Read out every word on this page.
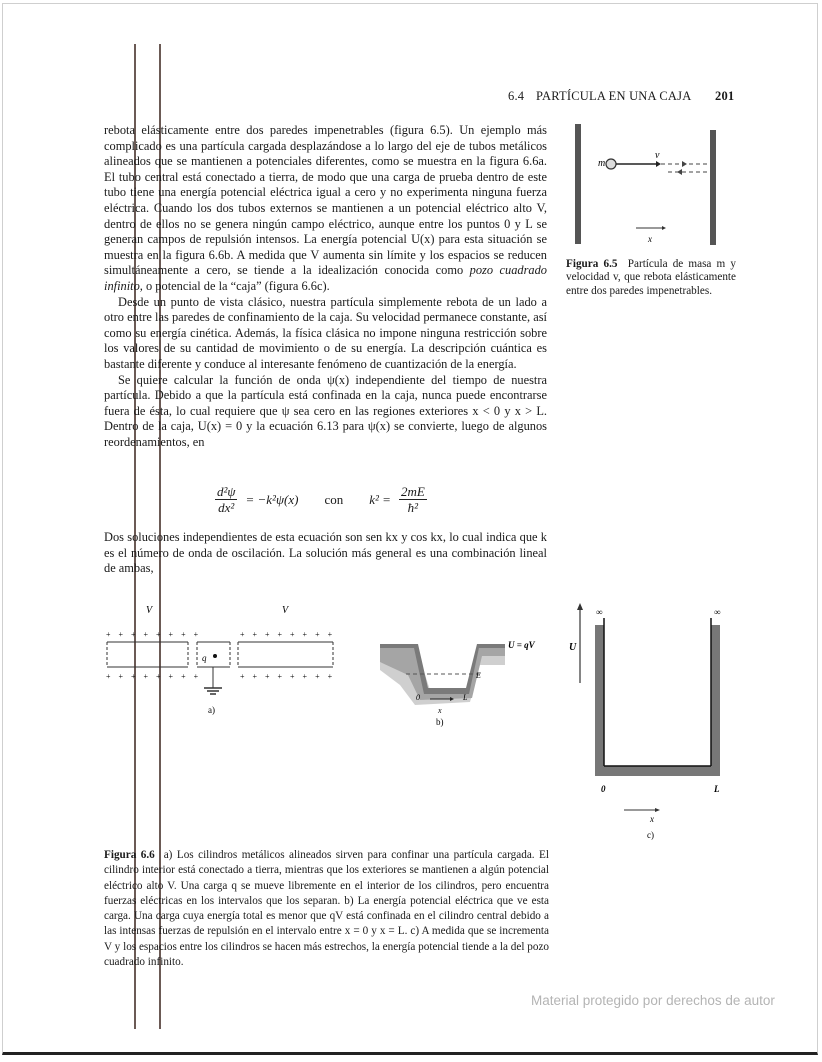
6.4 PARTÍCULA EN UNA CAJA 201

rebota elásticamente entre dos paredes impenetrables (figura 6.5). Un ejemplo más complicado es una partícula cargada desplazándose a lo largo del eje de tubos metálicos alineados que se mantienen a potenciales diferentes, como se muestra en la figura 6.6a. El tubo central está conectado a tierra, de modo que una carga de prueba dentro de este tubo tiene una energía potencial eléctrica igual a cero y no experimenta ninguna fuerza eléctrica. Cuando los dos tubos externos se mantienen a un potencial eléctrico alto V, dentro de ellos no se genera ningún campo eléctrico, aunque entre los puntos 0 y L se generan campos de repulsión intensos. La energía potencial U(x) para esta situación se muestra en la figura 6.6b. A medida que V aumenta sin límite y los espacios se reducen simultáneamente a cero, se tiende a la idealización conocida como pozo cuadrado infinito, o potencial de la “caja” (figura 6.6c).

Desde un punto de vista clásico, nuestra partícula simplemente rebota de un lado a otro entre las paredes de confinamiento de la caja. Su velocidad permanece constante, así como su energía cinética. Además, la física clásica no impone ninguna restricción sobre los valores de su cantidad de movimiento o de su energía. La descripción cuántica es bastante diferente y conduce al interesante fenómeno de cuantización de la energía.

Se quiere calcular la función de onda ψ(x) independiente del tiempo de nuestra partícula. Debido a que la partícula está confinada en la caja, nunca puede encontrarse fuera de ésta, lo cual requiere que ψ sea cero en las regiones exteriores x < 0 y x > L. Dentro de la caja, U(x) = 0 y la ecuación 6.13 para ψ(x) se convierte, luego de algunos reordenamientos, en

$\frac{\text{d²ψ}}{\text{dx²}} = -k^2\psi(x)$ con $k^2 = \frac{2mE}{\text{ħ²}}$
Dos soluciones independientes de esta ecuación son sen kx y cos kx, lo cual indica que k es el número de onda de oscilación. La solución más general es una combinación lineal de ambas,
m
v
x
Figura 6.5 Partícula de masa m y velocidad v, que rebota elásticamente entre dos paredes impenetrables.
V	V
+ + + + + + + +	+ + + + + + + +
+ + + + + + + +	+ + + + + + + +
q
a)
E
U = qV
0	L
x
b)
U
∞	∞
0	L
x
c)
Figura 6.6 a) Los cilindros metálicos alineados sirven para confinar una partícula cargada. El cilindro interior está conectado a tierra, mientras que los exteriores se mantienen a algún potencial eléctrico alto V. Una carga q se mueve libremente en el interior de los cilindros, pero encuentra fuerzas eléctricas en los intervalos que los separan. b) La energía potencial eléctrica que ve esta carga. Una carga cuya energía total es menor que qV está confinada en el cilindro central debido a las intensas fuerzas de repulsión en el intervalo entre x = 0 y x = L. c) A medida que se incrementa V y los espacios entre los cilindros se hacen más estrechos, la energía potencial tiende a la del pozo cuadrado infinito.
Material protegido por derechos de autor
